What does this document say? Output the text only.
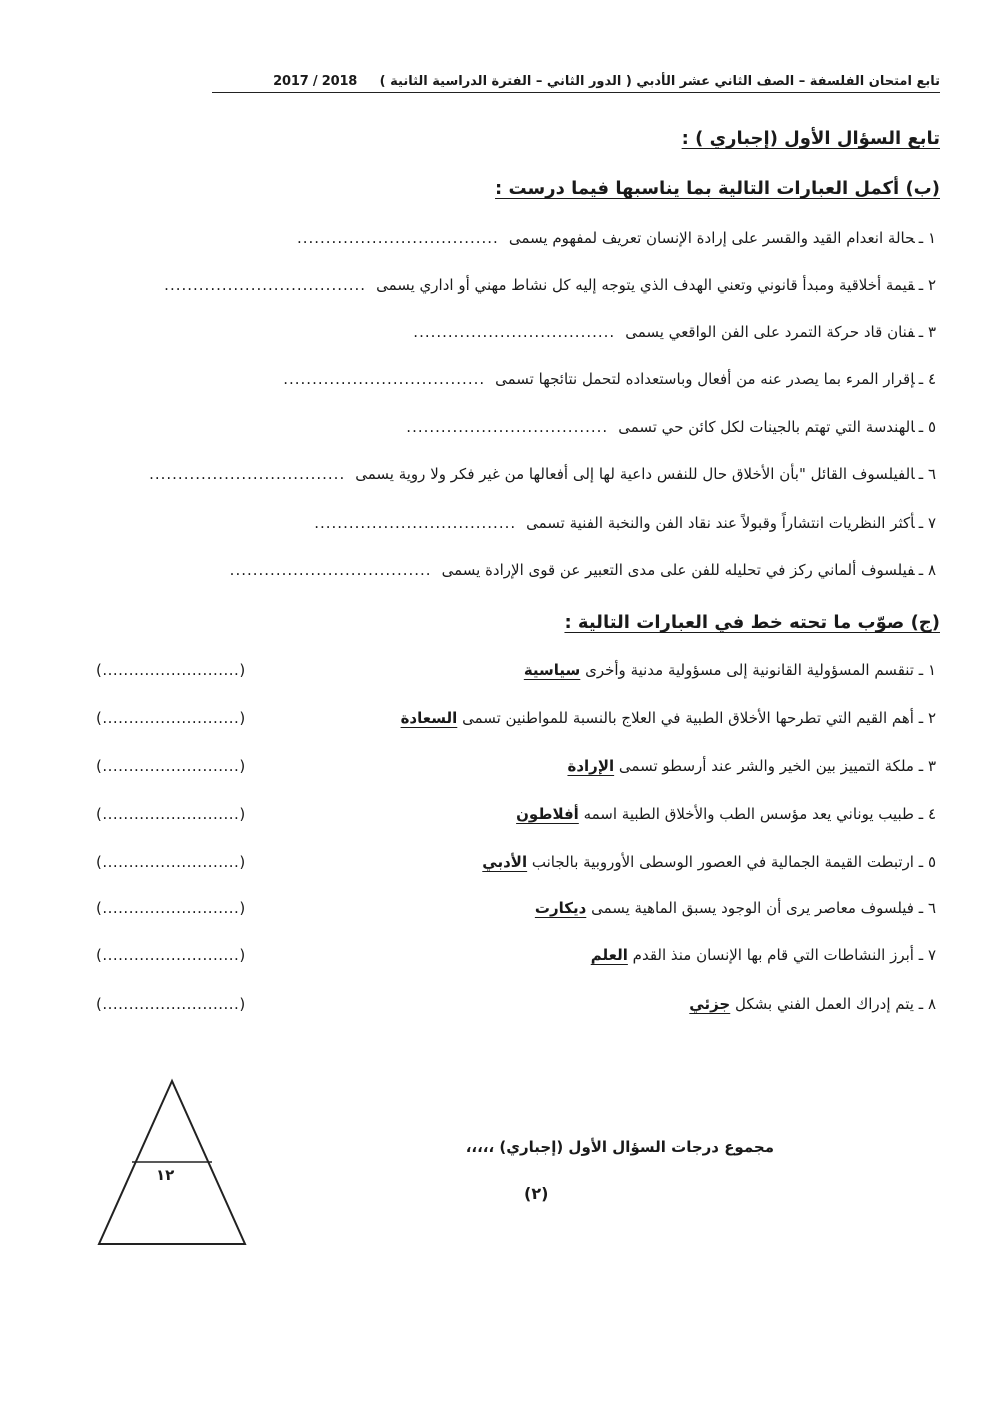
تابع امتحان الفلسفة – الصف الثاني عشر الأدبي ( الدور الثاني – الفترة الدراسية الثانية ) 2017 / 2018
تابع السؤال الأول (إجباري ) :
(ب) أكمل العبارات التالية بما يناسبها فيما درست :
١ ـحالة انعدام القيد والقسر على إرادة الإنسان تعريف لمفهوم يسمى...................................
٢ ـقيمة أخلاقية ومبدأ قانوني وتعني الهدف الذي يتوجه إليه كل نشاط مهني أو اداري يسمى...................................
٣ ـفنان قاد حركة التمرد على الفن الواقعي يسمى...................................
٤ ـإقرار المرء بما يصدر عنه من أفعال وباستعداده لتحمل نتائجها تسمى...................................
٥ ـالهندسة التي تهتم بالجينات لكل كائن حي تسمى...................................
٦ ـالفيلسوف القائل "بأن الأخلاق حال للنفس داعية لها إلى أفعالها من غير فكر ولا روية يسمى..................................
٧ ـأكثر النظريات انتشاراً وقبولاً عند نقاد الفن والنخبة الفنية تسمى...................................
٨ ـفيلسوف ألماني ركز في تحليله للفن على مدى التعبير عن قوى الإرادة يسمى...................................
(ج) صوّب ما تحته خط في العبارات التالية :
١ ـ تنقسم المسؤولية القانونية إلى مسؤولية مدنية وأخرى سياسية
(..........................)
٢ ـ أهم القيم التي تطرحها الأخلاق الطبية في العلاج بالنسبة للمواطنين تسمى السعادة
(..........................)
٣ ـ ملكة التمييز بين الخير والشر عند أرسطو تسمى الإرادة
(..........................)
٤ ـ طبيب يوناني يعد مؤسس الطب والأخلاق الطبية اسمه أفلاطون
(..........................)
٥ ـ ارتبطت القيمة الجمالية في العصور الوسطى الأوروبية بالجانب الأدبي
(..........................)
٦ ـ فيلسوف معاصر يرى أن الوجود يسبق الماهية يسمى ديكارت
(..........................)
٧ ـ أبرز النشاطات التي قام بها الإنسان منذ القدم العلم
(..........................)
٨ ـ يتم إدراك العمل الفني بشكل جزئي
(..........................)
١٢
مجموع درجات السؤال الأول (إجباري) ،،،،،
(٢)
